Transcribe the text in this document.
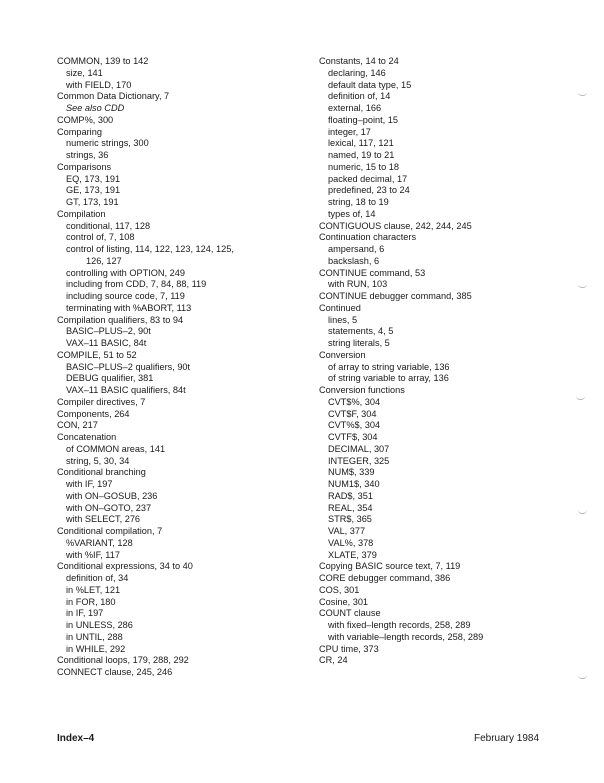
COMMON, 139 to 142
size, 141
with FIELD, 170
Common Data Dictionary, 7
See also CDD
COMP%, 300
Comparing
numeric strings, 300
strings, 36
Comparisons
EQ, 173, 191
GE, 173, 191
GT, 173, 191
Compilation
conditional, 117, 128
control of, 7, 108
control of listing, 114, 122, 123, 124, 125,
126, 127
controlling with OPTION, 249
including from CDD, 7, 84, 88, 119
including source code, 7, 119
terminating with %ABORT, 113
Compilation qualifiers, 83 to 94
BASIC–PLUS–2, 90t
VAX–11 BASIC, 84t
COMPILE, 51 to 52
BASIC–PLUS–2 qualifiers, 90t
DEBUG qualifier, 381
VAX–11 BASIC qualifiers, 84t
Compiler directives, 7
Components, 264
CON, 217
Concatenation
of COMMON areas, 141
string, 5, 30, 34
Conditional branching
with IF, 197
with ON–GOSUB, 236
with ON–GOTO, 237
with SELECT, 276
Conditional compilation, 7
%VARIANT, 128
with %IF, 117
Conditional expressions, 34 to 40
definition of, 34
in %LET, 121
in FOR, 180
in IF, 197
in UNLESS, 286
in UNTIL, 288
in WHILE, 292
Conditional loops, 179, 288, 292
CONNECT clause, 245, 246
Constants, 14 to 24
declaring, 146
default data type, 15
definition of, 14
external, 166
floating–point, 15
integer, 17
lexical, 117, 121
named, 19 to 21
numeric, 15 to 18
packed decimal, 17
predefined, 23 to 24
string, 18 to 19
types of, 14
CONTIGUOUS clause, 242, 244, 245
Continuation characters
ampersand, 6
backslash, 6
CONTINUE command, 53
with RUN, 103
CONTINUE debugger command, 385
Continued
lines, 5
statements, 4, 5
string literals, 5
Conversion
of array to string variable, 136
of string variable to array, 136
Conversion functions
CVT$%, 304
CVT$F, 304
CVT%$, 304
CVTF$, 304
DECIMAL, 307
INTEGER, 325
NUM$, 339
NUM1$, 340
RAD$, 351
REAL, 354
STR$, 365
VAL, 377
VAL%, 378
XLATE, 379
Copying BASIC source text, 7, 119
CORE debugger command, 386
COS, 301
Cosine, 301
COUNT clause
with fixed–length records, 258, 289
with variable–length records, 258, 289
CPU time, 373
CR, 24
Index–4	February 1984
